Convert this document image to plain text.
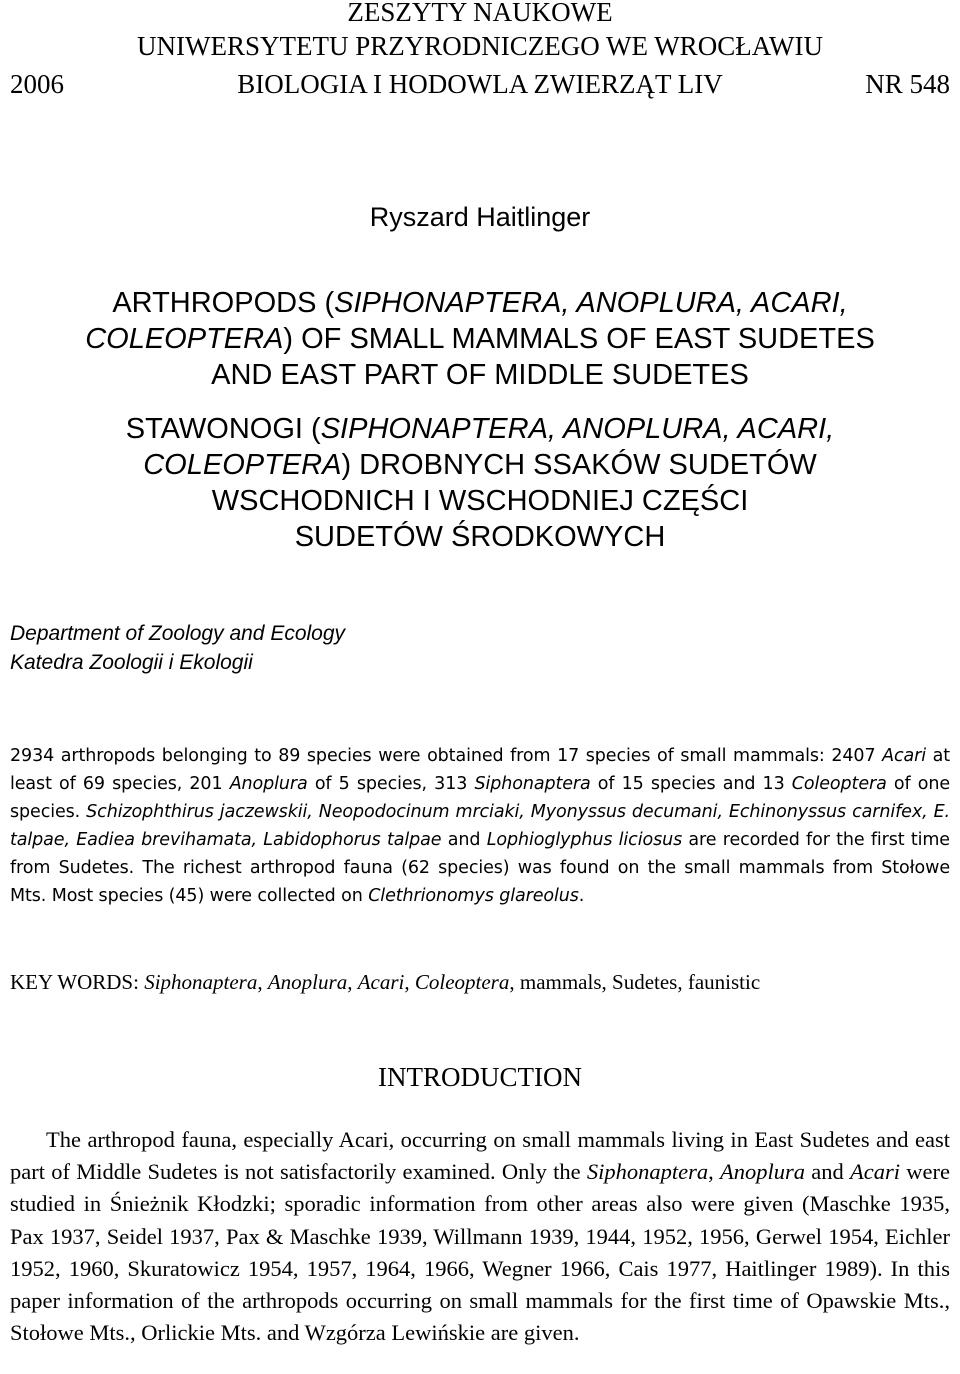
ZESZYTY NAUKOWE
UNIWERSYTETU PRZYRODNICZEGO WE WROCŁAWIU
2006	BIOLOGIA I HODOWLA ZWIERZĄT LIV	NR 548
Ryszard Haitlinger
ARTHROPODS (SIPHONAPTERA, ANOPLURA, ACARI,
COLEOPTERA) OF SMALL MAMMALS OF EAST SUDETES
AND EAST PART OF MIDDLE SUDETES
STAWONOGI (SIPHONAPTERA, ANOPLURA, ACARI,
COLEOPTERA) DROBNYCH SSAKÓW SUDETÓW
WSCHODNICH I WSCHODNIEJ CZĘŚCI
SUDETÓW ŚRODKOWYCH
Department of Zoology and Ecology
Katedra Zoologii i Ekologii

2934 arthropods belonging to 89 species were obtained from 17 species of small mammals: 2407 Acari at least of 69 species, 201 Anoplura of 5 species, 313 Siphonaptera of 15 species and 13 Coleoptera of one species. Schizophthirus jaczewskii, Neopodocinum mrciaki, Myonyssus decumani, Echinonyssus carnifex, E. talpae, Eadiea brevihamata, Labidophorus talpae and Lophioglyphus liciosus are recorded for the first time from Sudetes. The richest arthropod fauna (62 species) was found on the small mammals from Stołowe Mts. Most species (45) were collected on Clethrionomys glareolus.

KEY WORDS: Siphonaptera, Anoplura, Acari, Coleoptera, mammals, Sudetes, faunistic
INTRODUCTION

The arthropod fauna, especially Acari, occurring on small mammals living in East Sudetes and east part of Middle Sudetes is not satisfactorily examined. Only the Siphonaptera, Anoplura and Acari were studied in Śnieżnik Kłodzki; sporadic information from other areas also were given (Maschke 1935, Pax 1937, Seidel 1937, Pax & Maschke 1939, Willmann 1939, 1944, 1952, 1956, Gerwel 1954, Eichler 1952, 1960, Skuratowicz 1954, 1957, 1964, 1966, Wegner 1966, Cais 1977, Haitlinger 1989). In this paper information of the arthropods occurring on small mammals for the first time of Opawskie Mts., Stołowe Mts., Orlickie Mts. and Wzgórza Lewińskie are given.
